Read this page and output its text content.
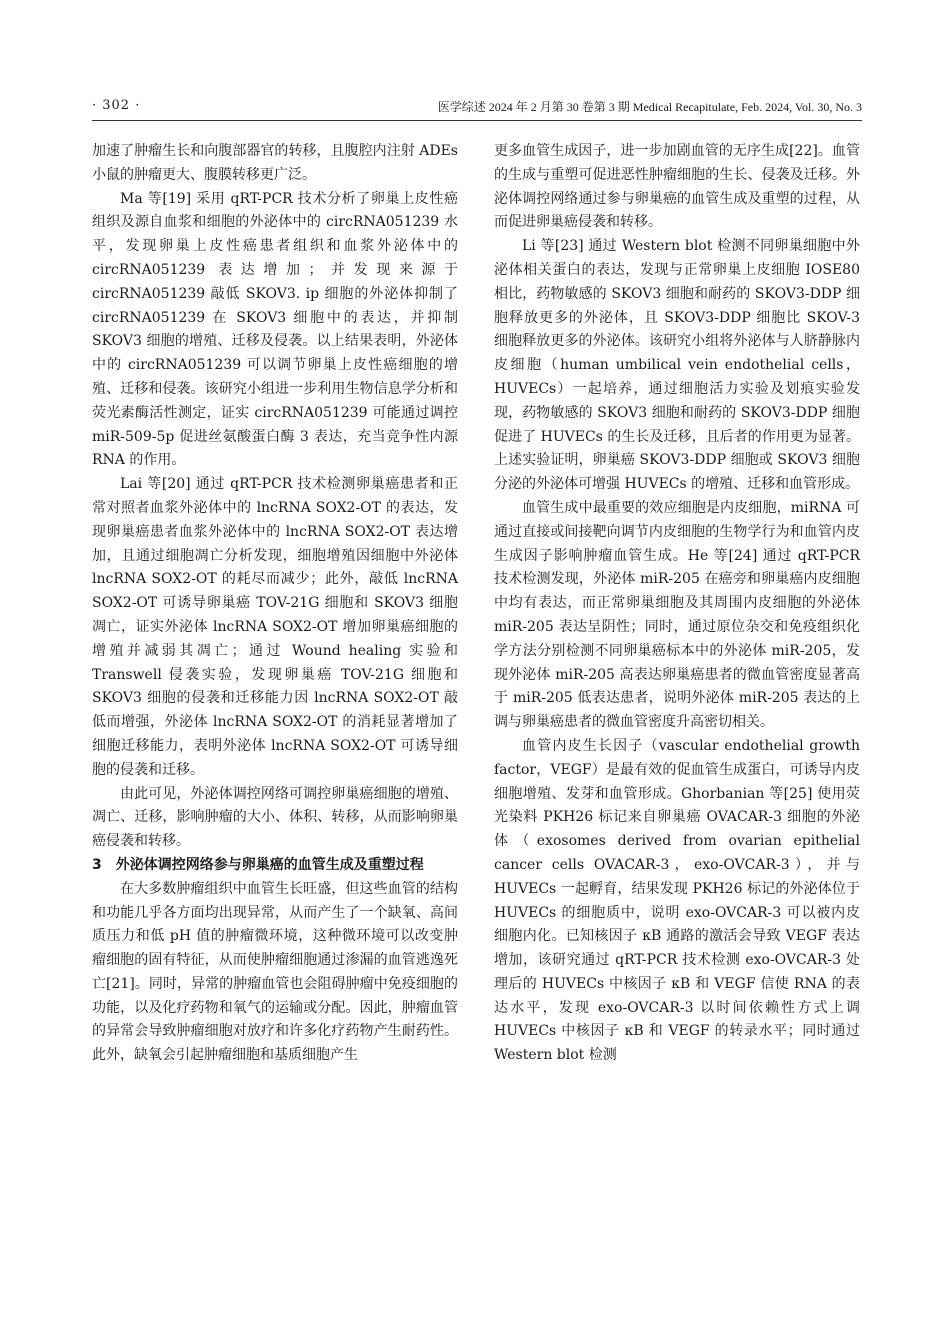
· 302 ·	医学综述 2024 年 2 月第 30 卷第 3 期 Medical Recapitulate, Feb. 2024, Vol. 30, No. 3

加速了肿瘤生长和向腹部器官的转移，且腹腔内注射 ADEs 小鼠的肿瘤更大、腹膜转移更广泛。

Ma 等[19] 采用 qRT-PCR 技术分析了卵巢上皮性癌组织及源自血浆和细胞的外泌体中的 circRNA051239 水平，发现卵巢上皮性癌患者组织和血浆外泌体中的 circRNA051239 表达增加；并发现来源于 circRNA051239 敲低 SKOV3. ip 细胞的外泌体抑制了 circRNA051239 在 SKOV3 细胞中的表达，并抑制 SKOV3 细胞的增殖、迁移及侵袭。以上结果表明，外泌体中的 circRNA051239 可以调节卵巢上皮性癌细胞的增殖、迁移和侵袭。该研究小组进一步利用生物信息学分析和荧光素酶活性测定，证实 circRNA051239 可能通过调控 miR-509-5p 促进丝氨酸蛋白酶 3 表达，充当竞争性内源 RNA 的作用。

Lai 等[20] 通过 qRT-PCR 技术检测卵巢癌患者和正常对照者血浆外泌体中的 lncRNA SOX2-OT 的表达，发现卵巢癌患者血浆外泌体中的 lncRNA SOX2-OT 表达增加，且通过细胞凋亡分析发现，细胞增殖因细胞中外泌体 lncRNA SOX2-OT 的耗尽而减少；此外，敲低 lncRNA SOX2-OT 可诱导卵巢癌 TOV-21G 细胞和 SKOV3 细胞凋亡，证实外泌体 lncRNA SOX2-OT 增加卵巢癌细胞的增殖并减弱其凋亡；通过 Wound healing 实验和 Transwell 侵袭实验，发现卵巢癌 TOV-21G 细胞和 SKOV3 细胞的侵袭和迁移能力因 lncRNA SOX2-OT 敲低而增强，外泌体 lncRNA SOX2-OT 的消耗显著增加了细胞迁移能力，表明外泌体 lncRNA SOX2-OT 可诱导细胞的侵袭和迁移。

由此可见，外泌体调控网络可调控卵巢癌细胞的增殖、凋亡、迁移，影响肿瘤的大小、体积、转移，从而影响卵巢癌侵袭和转移。

3　外泌体调控网络参与卵巢癌的血管生成及重塑过程

在大多数肿瘤组织中血管生长旺盛，但这些血管的结构和功能几乎各方面均出现异常，从而产生了一个缺氧、高间质压力和低 pH 值的肿瘤微环境，这种微环境可以改变肿瘤细胞的固有特征，从而使肿瘤细胞通过渗漏的血管逃逸死亡[21]。同时，异常的肿瘤血管也会阻碍肿瘤中免疫细胞的功能，以及化疗药物和氧气的运输或分配。因此，肿瘤血管的异常会导致肿瘤细胞对放疗和许多化疗药物产生耐药性。此外，缺氧会引起肿瘤细胞和基质细胞产生

更多血管生成因子，进一步加剧血管的无序生成[22]。血管的生成与重塑可促进恶性肿瘤细胞的生长、侵袭及迁移。外泌体调控网络通过参与卵巢癌的血管生成及重塑的过程，从而促进卵巢癌侵袭和转移。

Li 等[23] 通过 Western blot 检测不同卵巢细胞中外泌体相关蛋白的表达，发现与正常卵巢上皮细胞 IOSE80 相比，药物敏感的 SKOV3 细胞和耐药的 SKOV3-DDP 细胞释放更多的外泌体，且 SKOV3-DDP 细胞比 SKOV-3 细胞释放更多的外泌体。该研究小组将外泌体与人脐静脉内皮细胞（human umbilical vein endothelial cells，HUVECs）一起培养，通过细胞活力实验及划痕实验发现，药物敏感的 SKOV3 细胞和耐药的 SKOV3-DDP 细胞促进了 HUVECs 的生长及迁移，且后者的作用更为显著。上述实验证明，卵巢癌 SKOV3-DDP 细胞或 SKOV3 细胞分泌的外泌体可增强 HUVECs 的增殖、迁移和血管形成。

血管生成中最重要的效应细胞是内皮细胞，miRNA 可通过直接或间接靶向调节内皮细胞的生物学行为和血管内皮生成因子影响肿瘤血管生成。He 等[24] 通过 qRT-PCR 技术检测发现，外泌体 miR-205 在癌旁和卵巢癌内皮细胞中均有表达，而正常卵巢细胞及其周围内皮细胞的外泌体 miR-205 表达呈阴性；同时，通过原位杂交和免疫组织化学方法分别检测不同卵巢癌标本中的外泌体 miR-205，发现外泌体 miR-205 高表达卵巢癌患者的微血管密度显著高于 miR-205 低表达患者，说明外泌体 miR-205 表达的上调与卵巢癌患者的微血管密度升高密切相关。

血管内皮生长因子（vascular endothelial growth factor，VEGF）是最有效的促血管生成蛋白，可诱导内皮细胞增殖、发芽和血管形成。Ghorbanian 等[25] 使用荧光染料 PKH26 标记来自卵巢癌 OVACAR-3 细胞的外泌体（exosomes derived from ovarian epithelial cancer cells OVACAR-3，exo-OVCAR-3），并与 HUVECs 一起孵育，结果发现 PKH26 标记的外泌体位于 HUVECs 的细胞质中，说明 exo-OVCAR-3 可以被内皮细胞内化。已知核因子 κB 通路的激活会导致 VEGF 表达增加，该研究通过 qRT-PCR 技术检测 exo-OVCAR-3 处理后的 HUVECs 中核因子 κB 和 VEGF 信使 RNA 的表达水平，发现 exo-OVCAR-3 以时间依赖性方式上调 HUVECs 中核因子 κB 和 VEGF 的转录水平；同时通过 Western blot 检测
